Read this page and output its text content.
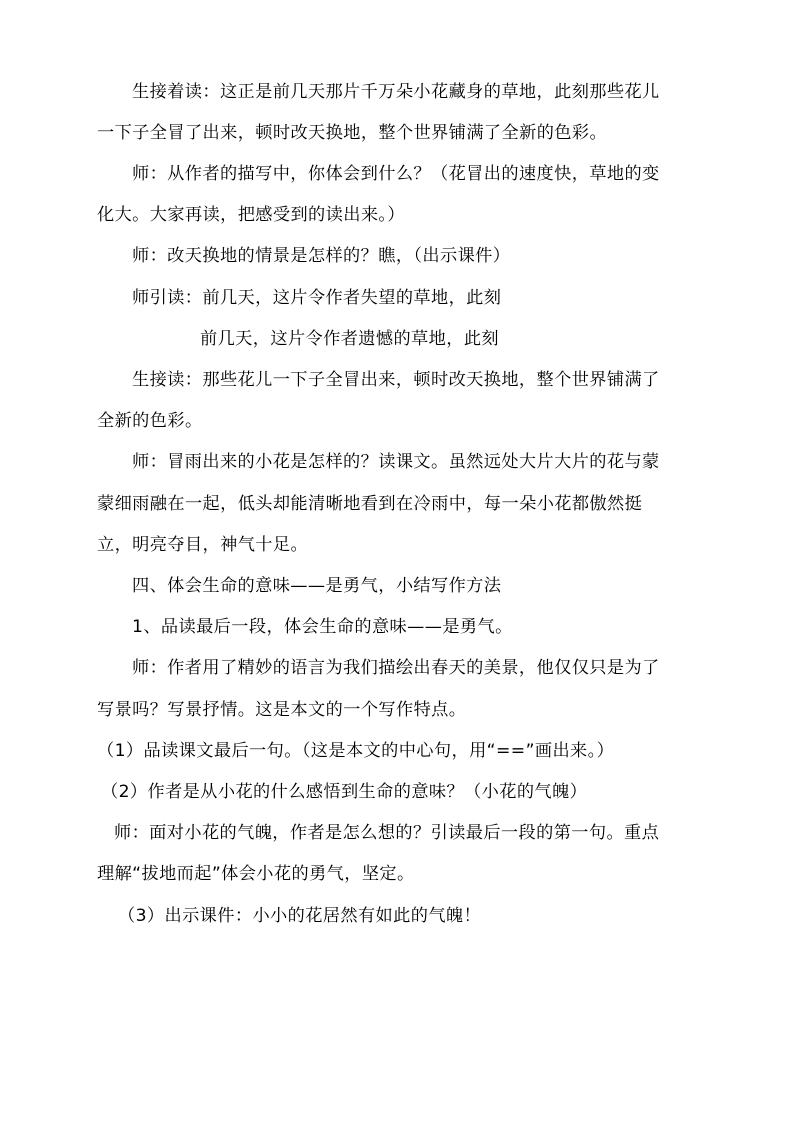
生接着读：这正是前几天那片千万朵小花藏身的草地，此刻那些花儿
一下子全冒了出来，顿时改天换地，整个世界铺满了全新的色彩。
师：从作者的描写中，你体会到什么？（花冒出的速度快，草地的变
化大。大家再读，把感受到的读出来。）
师：改天换地的情景是怎样的？瞧，（出示课件）
师引读：前几天，这片令作者失望的草地，此刻
前几天，这片令作者遗憾的草地，此刻
生接读：那些花儿一下子全冒出来，顿时改天换地，整个世界铺满了
全新的色彩。
师：冒雨出来的小花是怎样的？读课文。虽然远处大片大片的花与蒙
蒙细雨融在一起，低头却能清晰地看到在冷雨中，每一朵小花都傲然挺
立，明亮夺目，神气十足。
四、体会生命的意味——是勇气，小结写作方法
1、品读最后一段，体会生命的意味——是勇气。
师：作者用了精妙的语言为我们描绘出春天的美景，他仅仅只是为了
写景吗？写景抒情。这是本文的一个写作特点。
（1）品读课文最后一句。（这是本文的中心句，用“==”画出来。）
（2）作者是从小花的什么感悟到生命的意味？（小花的气魄）
师：面对小花的气魄，作者是怎么想的？引读最后一段的第一句。重点
理解“拔地而起”体会小花的勇气，坚定。
（3）出示课件：小小的花居然有如此的气魄！
